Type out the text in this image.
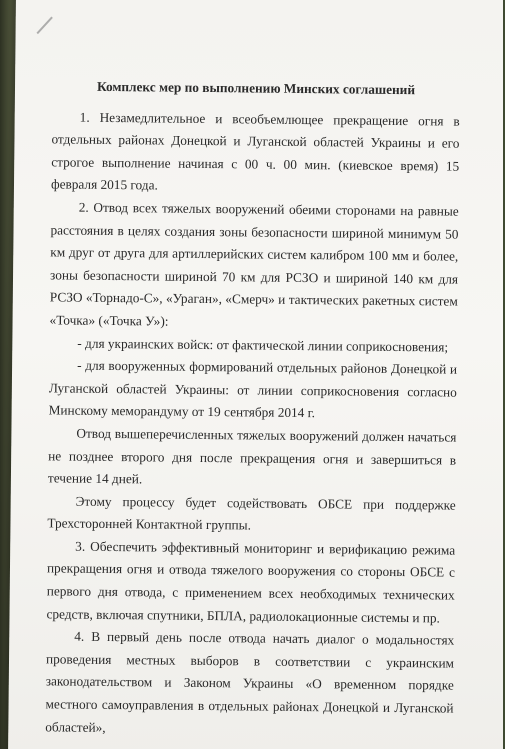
Комплекс мер по выполнению Минских соглашений

1. Незамедлительное и всеобъемлющее прекращение огня в отдельных районах Донецкой и Луганской областей Украины и его строгое выполнение начиная с 00 ч. 00 мин. (киевское время) 15 февраля 2015 года.

2. Отвод всех тяжелых вооружений обеими сторонами на равные расстояния в целях создания зоны безопасности шириной минимум 50 км друг от друга для артиллерийских систем калибром 100 мм и более, зоны безопасности шириной 70 км для РСЗО и шириной 140 км для РСЗО «Торнадо-С», «Ураган», «Смерч» и тактических ракетных систем «Точка» («Точка У»):

- для украинских войск: от фактической линии соприкосновения;

- для вооруженных формирований отдельных районов Донецкой и Луганской областей Украины: от линии соприкосновения согласно Минскому меморандуму от 19 сентября 2014 г.

Отвод вышеперечисленных тяжелых вооружений должен начаться не позднее второго дня после прекращения огня и завершиться в течение 14 дней.

Этому процессу будет содействовать ОБСЕ при поддержке Трехсторонней Контактной группы.

3. Обеспечить эффективный мониторинг и верификацию режима прекращения огня и отвода тяжелого вооружения со стороны ОБСЕ с первого дня отвода, с применением всех необходимых технических средств, включая спутники, БПЛА, радиолокационные системы и пр.

4. В первый день после отвода начать диалог о модальностях проведения местных выборов в соответствии с украинским законодательством и Законом Украины «О временном порядке местного самоуправления в отдельных районах Донецкой и Луганской областей»,
